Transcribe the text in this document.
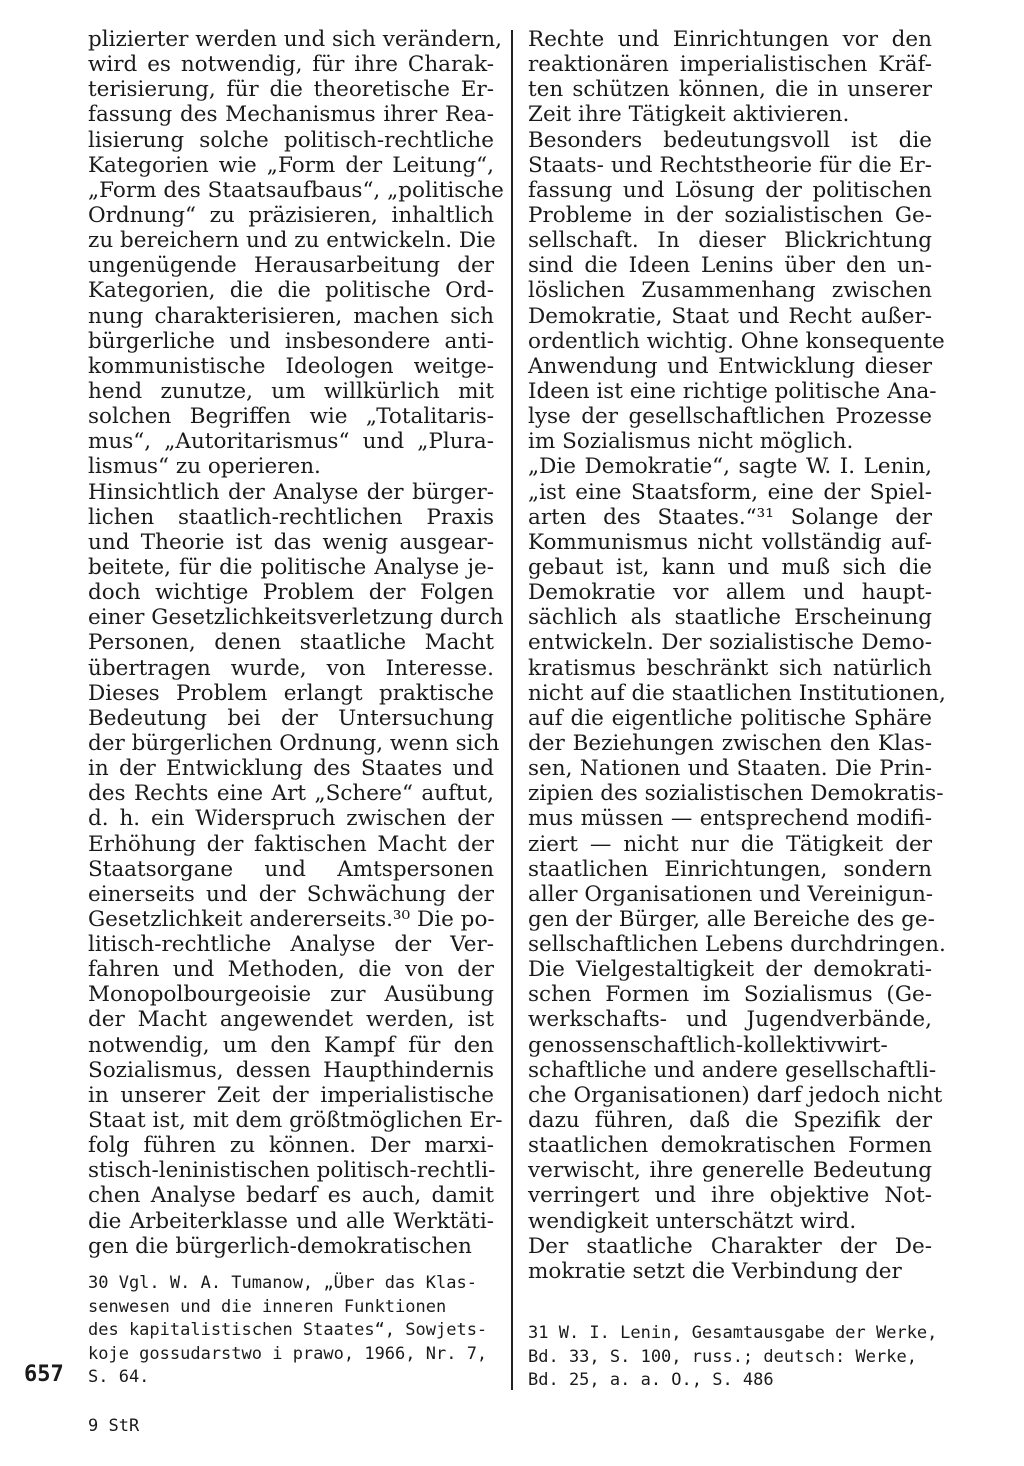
plizierter werden und sich verändern,
wird es notwendig, für ihre Charak-
terisierung, für die theoretische Er-
fassung des Mechanismus ihrer Rea-
lisierung solche politisch-rechtliche
Kategorien wie „Form der Leitung“,
„Form des Staatsaufbaus“, „politische
Ordnung“ zu präzisieren, inhaltlich
zu bereichern und zu entwickeln. Die
ungenügende Herausarbeitung der
Kategorien, die die politische Ord-
nung charakterisieren, machen sich
bürgerliche und insbesondere anti-
kommunistische Ideologen weitge-
hend zunutze, um willkürlich mit
solchen Begriffen wie „Totalitaris-
mus“, „Autoritarismus“ und „Plura-
lismus“ zu operieren.
Hinsichtlich der Analyse der bürger-
lichen staatlich-rechtlichen Praxis
und Theorie ist das wenig ausgear-
beitete, für die politische Analyse je-
doch wichtige Problem der Folgen
einer Gesetzlichkeitsverletzung durch
Personen, denen staatliche Macht
übertragen wurde, von Interesse.
Dieses Problem erlangt praktische
Bedeutung bei der Untersuchung
der bürgerlichen Ordnung, wenn sich
in der Entwicklung des Staates und
des Rechts eine Art „Schere“ auftut,
d. h. ein Widerspruch zwischen der
Erhöhung der faktischen Macht der
Staatsorgane und Amtspersonen
einerseits und der Schwächung der
Gesetzlichkeit andererseits.³⁰ Die po-
litisch-rechtliche Analyse der Ver-
fahren und Methoden, die von der
Monopolbourgeoisie zur Ausübung
der Macht angewendet werden, ist
notwendig, um den Kampf für den
Sozialismus, dessen Haupthindernis
in unserer Zeit der imperialistische
Staat ist, mit dem größtmöglichen Er-
folg führen zu können. Der marxi-
stisch-leninistischen politisch-rechtli-
chen Analyse bedarf es auch, damit
die Arbeiterklasse und alle Werktäti-
gen die bürgerlich-demokratischen
Rechte und Einrichtungen vor den
reaktionären imperialistischen Kräf-
ten schützen können, die in unserer
Zeit ihre Tätigkeit aktivieren.
Besonders bedeutungsvoll ist die
Staats- und Rechtstheorie für die Er-
fassung und Lösung der politischen
Probleme in der sozialistischen Ge-
sellschaft. In dieser Blickrichtung
sind die Ideen Lenins über den un-
löslichen Zusammenhang zwischen
Demokratie, Staat und Recht außer-
ordentlich wichtig. Ohne konsequente
Anwendung und Entwicklung dieser
Ideen ist eine richtige politische Ana-
lyse der gesellschaftlichen Prozesse
im Sozialismus nicht möglich.
„Die Demokratie“, sagte W. I. Lenin,
„ist eine Staatsform, eine der Spiel-
arten des Staates.“³¹ Solange der
Kommunismus nicht vollständig auf-
gebaut ist, kann und muß sich die
Demokratie vor allem und haupt-
sächlich als staatliche Erscheinung
entwickeln. Der sozialistische Demo-
kratismus beschränkt sich natürlich
nicht auf die staatlichen Institutionen,
auf die eigentliche politische Sphäre
der Beziehungen zwischen den Klas-
sen, Nationen und Staaten. Die Prin-
zipien des sozialistischen Demokratis-
mus müssen — entsprechend modifi-
ziert — nicht nur die Tätigkeit der
staatlichen Einrichtungen, sondern
aller Organisationen und Vereinigun-
gen der Bürger, alle Bereiche des ge-
sellschaftlichen Lebens durchdringen.
Die Vielgestaltigkeit der demokrati-
schen Formen im Sozialismus (Ge-
werkschafts- und Jugendverbände,
genossenschaftlich-kollektivwirt-
schaftliche und andere gesellschaftli-
che Organisationen) darf jedoch nicht
dazu führen, daß die Spezifik der
staatlichen demokratischen Formen
verwischt, ihre generelle Bedeutung
verringert und ihre objektive Not-
wendigkeit unterschätzt wird.
Der staatliche Charakter der De-
mokratie setzt die Verbindung der
30 Vgl. W. A. Tumanow, „Über das Klas-
senwesen und die inneren Funktionen
des kapitalistischen Staates“, Sowjets-
koje gossudarstwo i prawo, 1966, Nr. 7,
S. 64.
31 W. I. Lenin, Gesamtausgabe der Werke,
Bd. 33, S. 100, russ.; deutsch: Werke,
Bd. 25, a. a. O., S. 486
657
9 StR
